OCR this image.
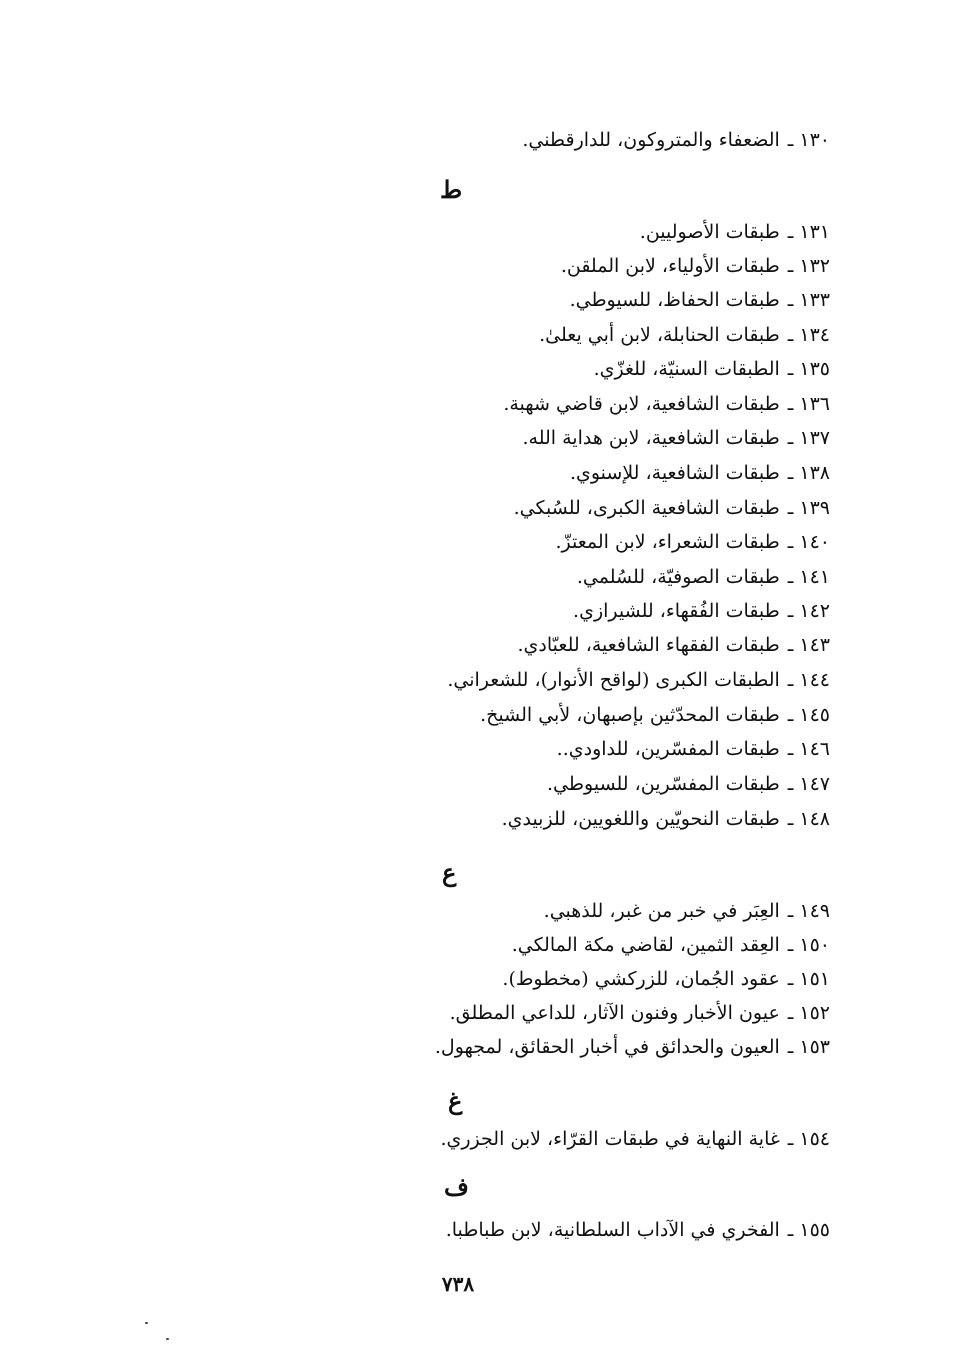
١٣٠ـالضعفاء والمتروكون، للدارقطني.
ط
١٣١ـطبقات الأصوليين.
١٣٢ـطبقات الأولياء، لابن الملقن.
١٣٣ـطبقات الحفاظ، للسيوطي.
١٣٤ـطبقات الحنابلة، لابن أبي يعلىٰ.
١٣٥ـالطبقات السنيّة، للغزّي.
١٣٦ـطبقات الشافعية، لابن قاضي شهبة.
١٣٧ـطبقات الشافعية، لابن هداية الله.
١٣٨ـطبقات الشافعية، للإسنوي.
١٣٩ـطبقات الشافعية الكبرى، للسُبكي.
١٤٠ـطبقات الشعراء، لابن المعتزّ.
١٤١ـطبقات الصوفيّة، للسُلمي.
١٤٢ـطبقات الفُقهاء، للشيرازي.
١٤٣ـطبقات الفقهاء الشافعية، للعبّادي.
١٤٤ـالطبقات الكبرى (لواقح الأنوار)، للشعراني.
١٤٥ـطبقات المحدّثين بإصبهان، لأبي الشيخ.
١٤٦ـطبقات المفسّرين، للداودي..
١٤٧ـطبقات المفسّرين، للسيوطي.
١٤٨ـطبقات النحويّين واللغويين، للزبيدي.
ع
١٤٩ـالعِبَر في خبر من غبر، للذهبي.
١٥٠ـالعِقد الثمين، لقاضي مكة المالكي.
١٥١ـعقود الجُمان، للزركشي (مخطوط).
١٥٢ـعيون الأخبار وفنون الآثار، للداعي المطلق.
١٥٣ـالعيون والحدائق في أخبار الحقائق، لمجهول.
غ
١٥٤ـغاية النهاية في طبقات القرّاء، لابن الجزري.
ف
١٥٥ـالفخري في الآداب السلطانية، لابن طباطبا.
٧٣٨
